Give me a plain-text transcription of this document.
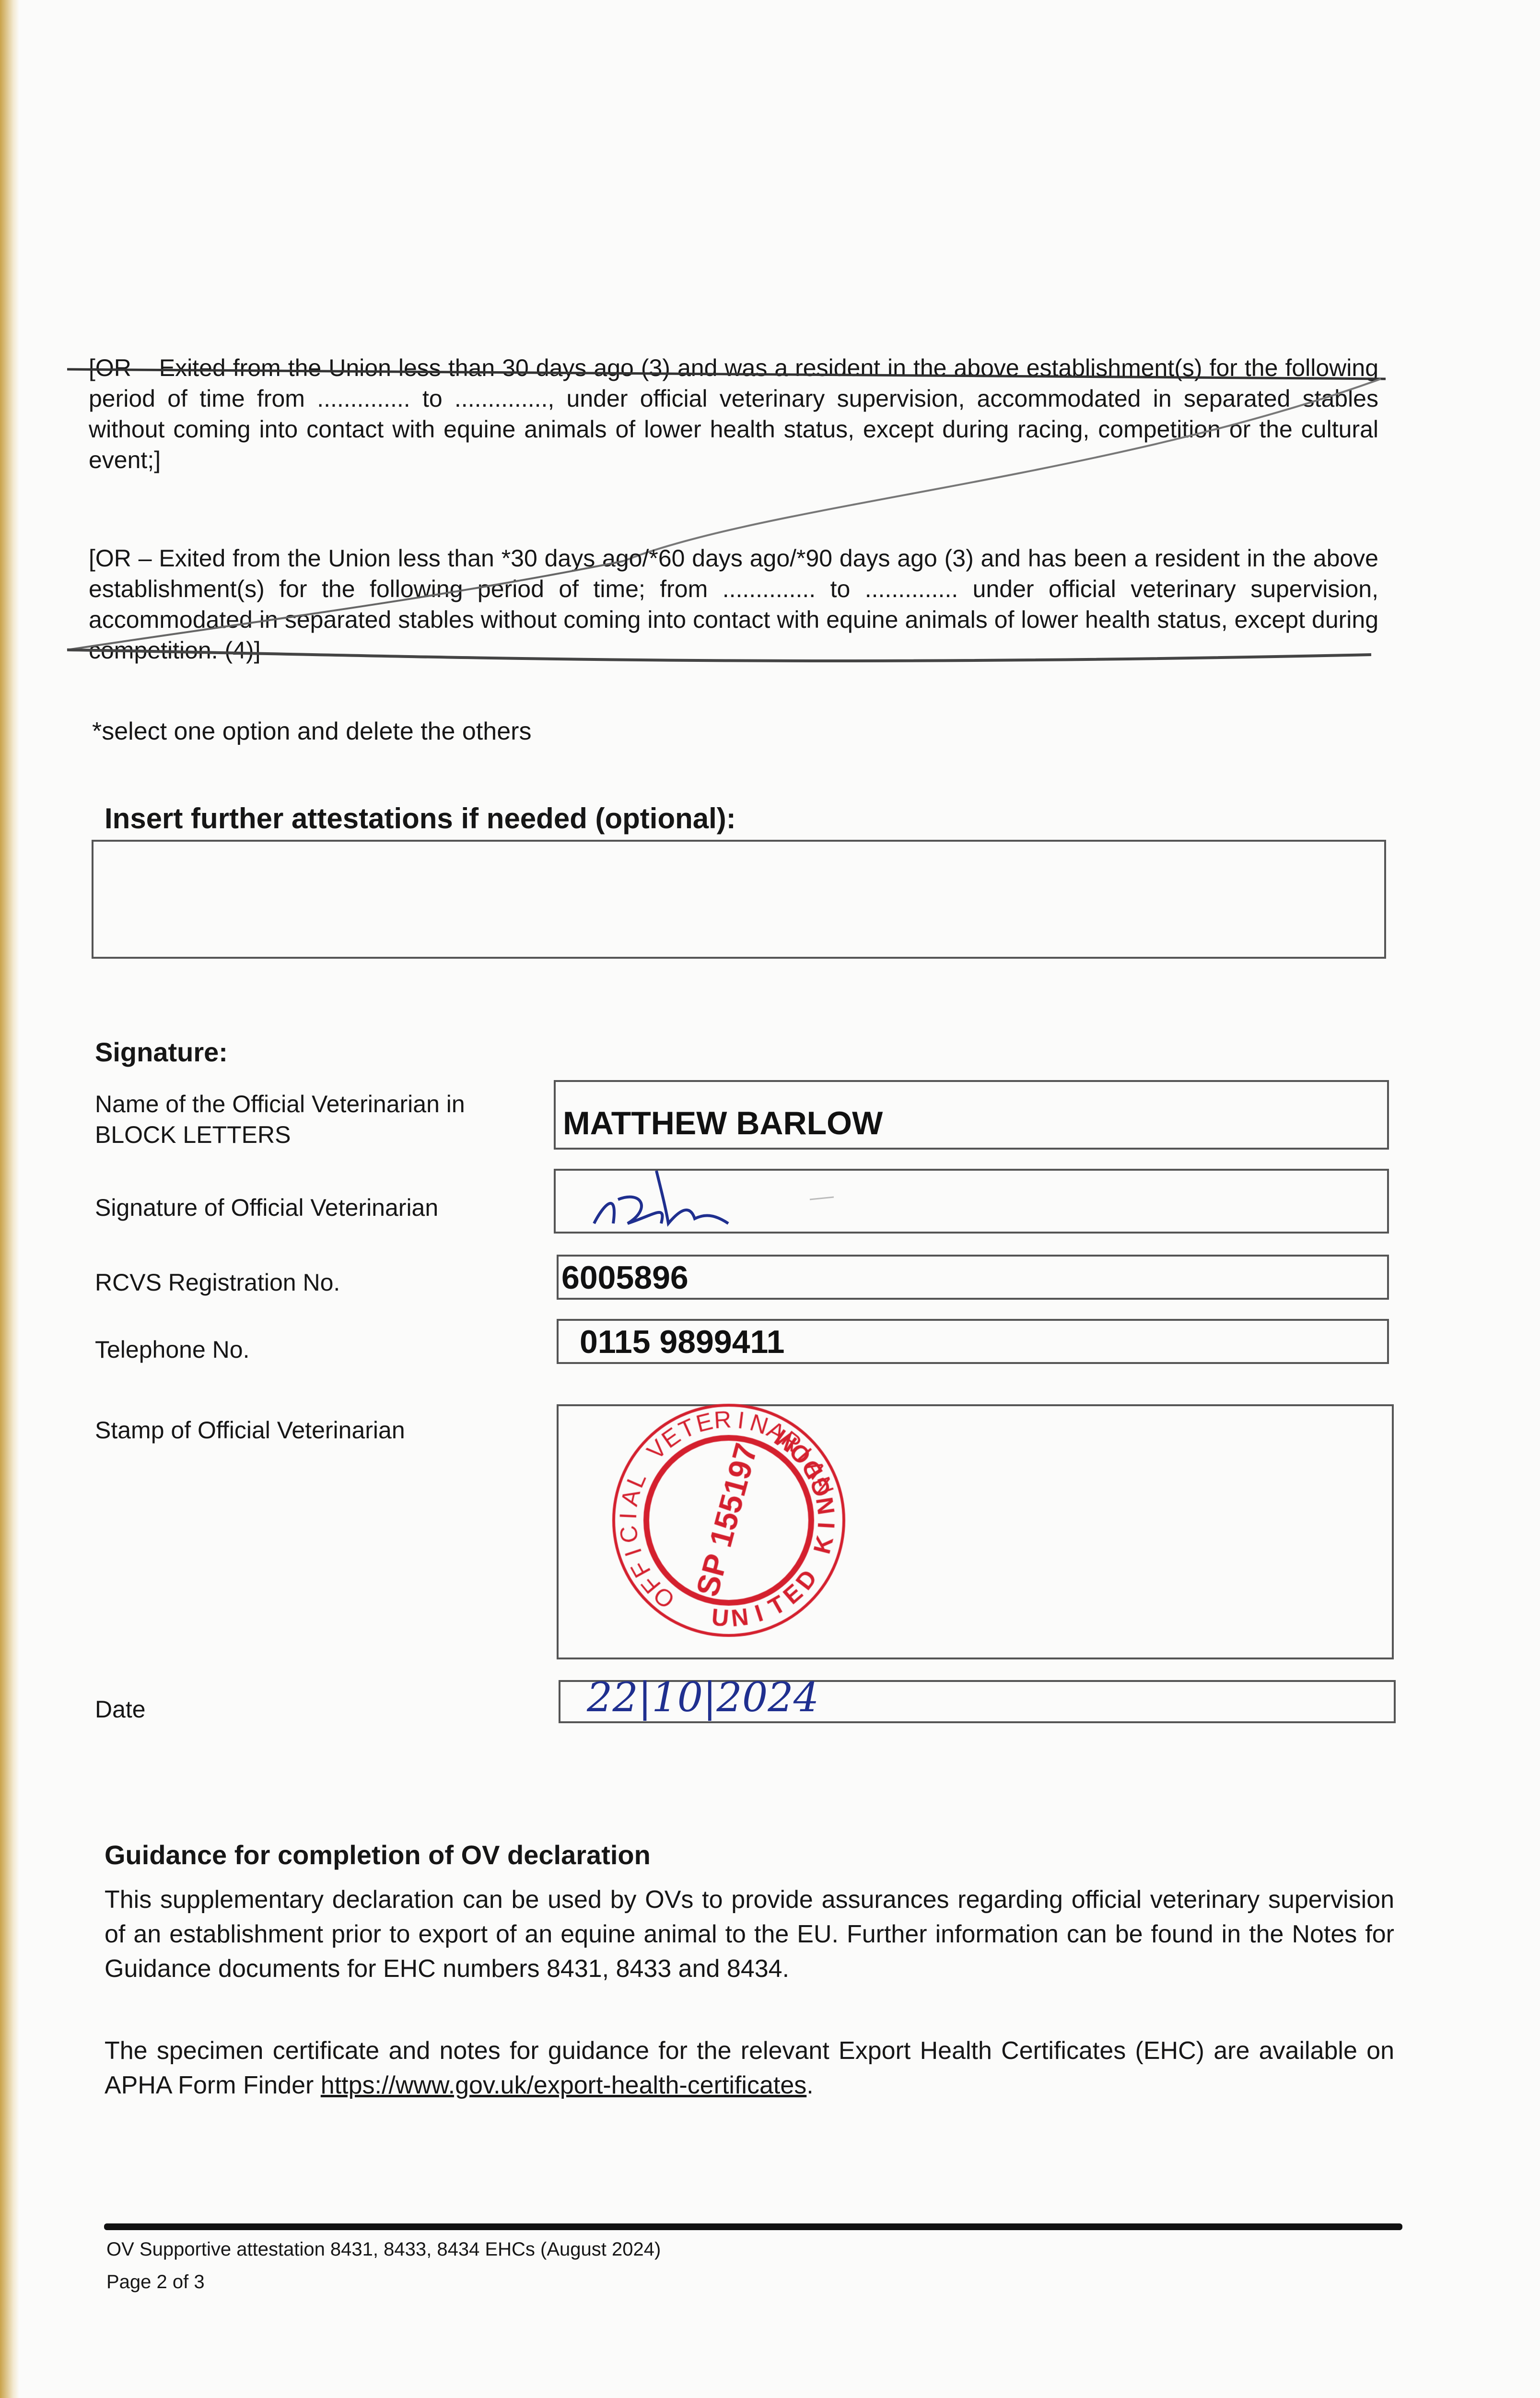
[OR – Exited from the Union less than 30 days ago (3) and was a resident in the above establishment(s) for the following period of time from .............. to .............., under official veterinary supervision, accommodated in separated stables without coming into contact with equine animals of lower health status, except during racing, competition or the cultural event;]
[OR – Exited from the Union less than *30 days ago/*60 days ago/*90 days ago (3) and has been a resident in the above establishment(s) for the following period of time; from .............. to .............. under official veterinary supervision, accommodated in separated stables without coming into contact with equine animals of lower health status, except during competition. (4)]
*select one option and delete the others
Insert further attestations if needed (optional):
Signature:
Name of the Official Veterinarian in BLOCK LETTERS	MATTHEW BARLOW
Signature of Official Veterinarian
RCVS Registration No.	6005896
Telephone No.	0115 9899411
Stamp of Official Veterinarian
Date	22|10|2024
Guidance for completion of OV declaration
This supplementary declaration can be used by OVs to provide assurances regarding official veterinary supervision of an establishment prior to export of an equine animal to the EU. Further information can be found in the Notes for Guidance documents for EHC numbers 8431, 8433 and 8434.
The specimen certificate and notes for guidance for the relevant Export Health Certificates (EHC) are available on APHA Form Finder https://www.gov.uk/export-health-certificates.
OV Supportive attestation 8431, 8433, 8434 EHCs (August 2024)
Page 2 of 3
